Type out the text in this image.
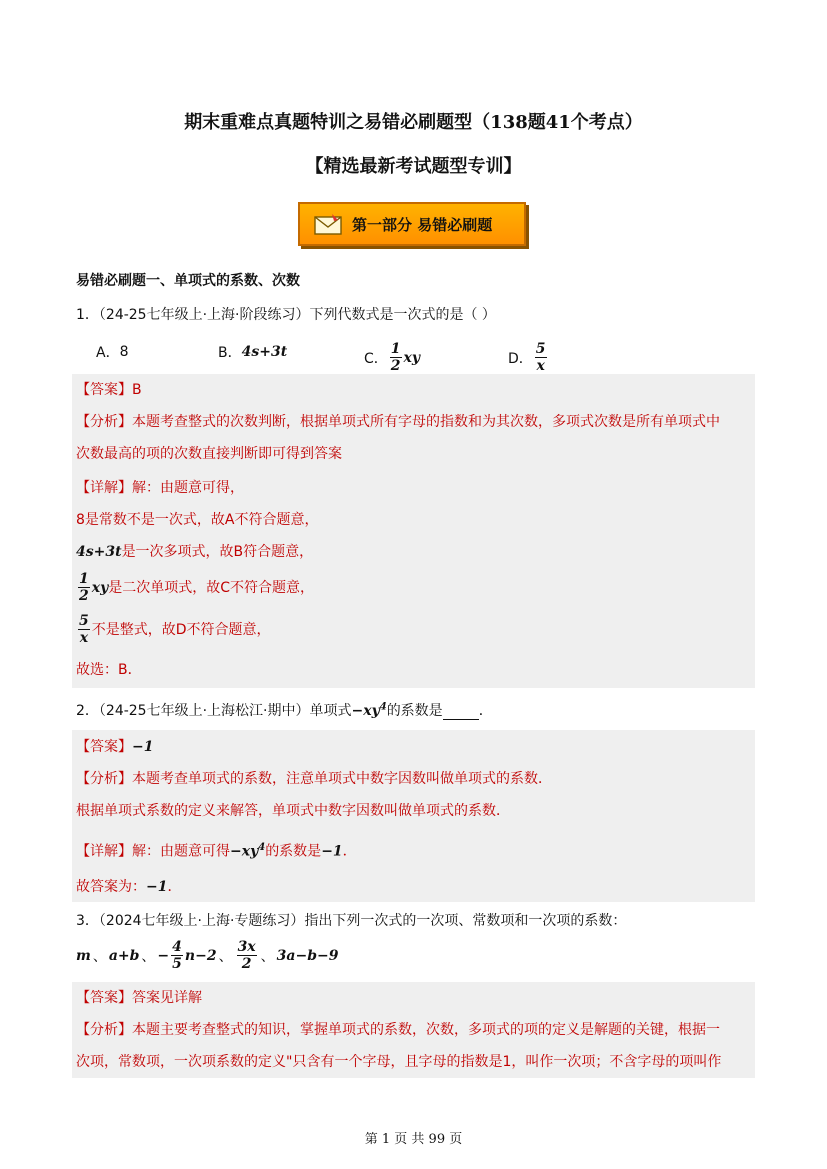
期末重难点真题特训之易错必刷题型（138题41个考点）
【精选最新考试题型专训】
第一部分 易错必刷题
易错必刷题一、单项式的系数、次数
1．（24-25七年级上·上海·阶段练习）下列代数式是一次式的是（ ）
A． 8	B． 4s+3t	C． $\frac{1}{2}$ xy	D． $\frac{5}{x}$
【答案】B
【分析】本题考查整式的次数判断，根据单项式所有字母的指数和为其次数，多项式次数是所有单项式中
次数最高的项的次数直接判断即可得到答案
【详解】解：由题意可得，
8是常数不是一次式，故A不符合题意，
4s+3t是一次多项式，故B符合题意，
$\frac{1}{2}$ xy 是二次单项式，故C不符合题意，
$\frac{5}{x}$ 不是整式，故D不符合题意，
故选：B．
2．（24-25七年级上·上海松江·期中）单项式$-xy^4$的系数是	．
【答案】−1
【分析】本题考查单项式的系数，注意单项式中数字因数叫做单项式的系数．
根据单项式系数的定义来解答，单项式中数字因数叫做单项式的系数．
【详解】解：由题意可得$-xy^4$的系数是−1．
故答案为：−1．
3．（2024七年级上·上海·专题练习）指出下列一次式的一次项、常数项和一次项的系数：
m 、 a+b 、 − $\frac{4}{5} n-2$ 、 $\frac{3x}{2}$ 、 3a−b−9
【答案】答案见详解
【分析】本题主要考查整式的知识，掌握单项式的系数，次数，多项式的项的定义是解题的关键，根据一
次项，常数项，一次项系数的定义"只含有一个字母，且字母的指数是1，叫作一次项；不含字母的项叫作
第 1 页 共 99 页
